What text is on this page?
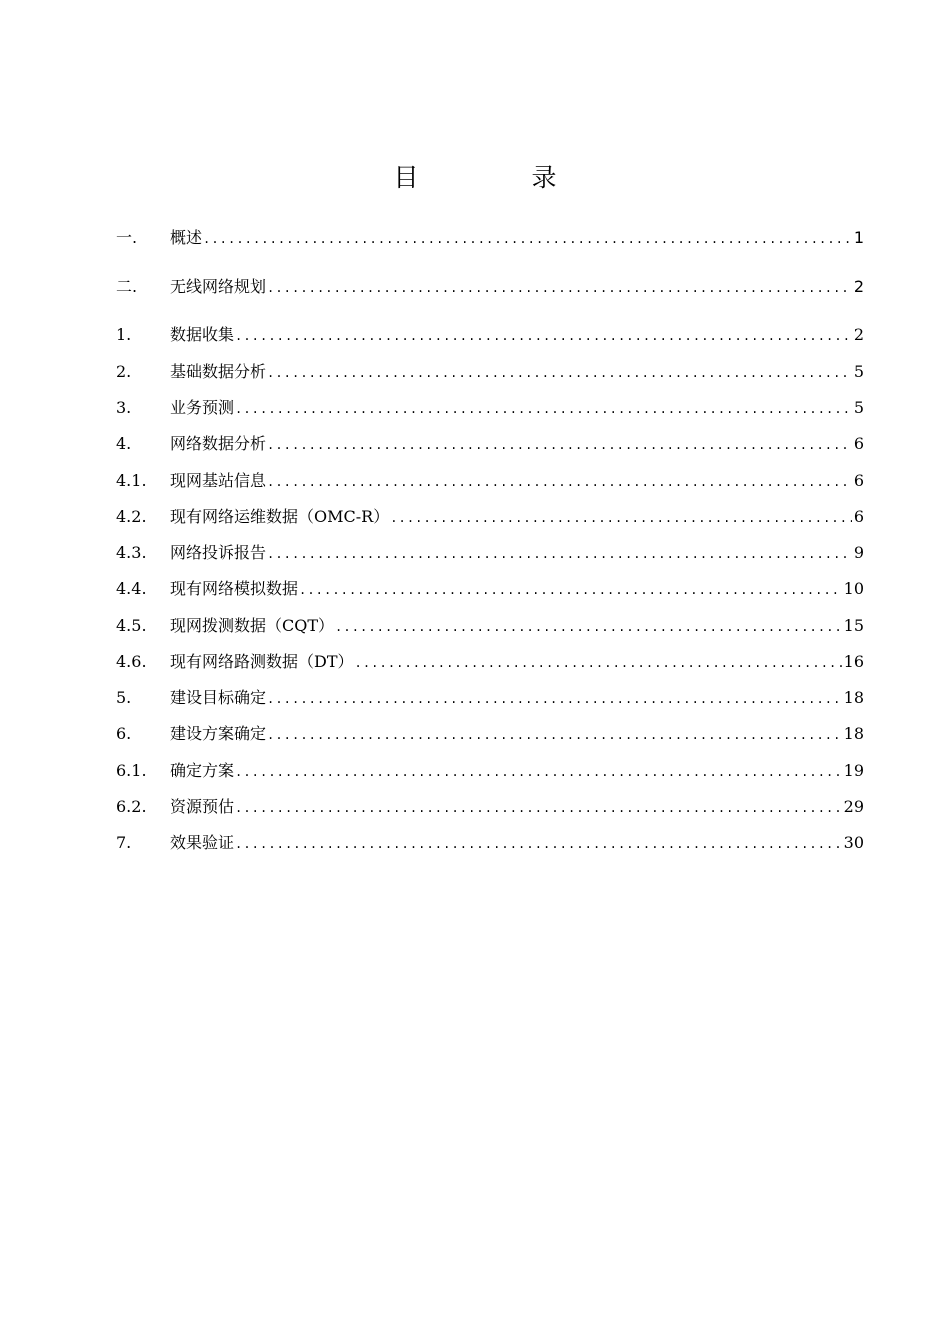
目　录
一.	概述 .....	1
二.	无线网络规划 .....	2
1.	数据收集 .....	2
2.	基础数据分析 .....	5
3.	业务预测 .....	5
4.	网络数据分析 .....	6
4.1.	现网基站信息 .....	6
4.2.	现有网络运维数据（OMC-R） .....	6
4.3.	网络投诉报告 .....	9
4.4.	现有网络模拟数据 .....	10
4.5.	现网拨测数据（CQT） .....	15
4.6.	现有网络路测数据（DT） .....	16
5.	建设目标确定 .....	18
6.	建设方案确定 .....	18
6.1.	确定方案 .....	19
6.2.	资源预估 .....	29
7.	效果验证 .....	30
